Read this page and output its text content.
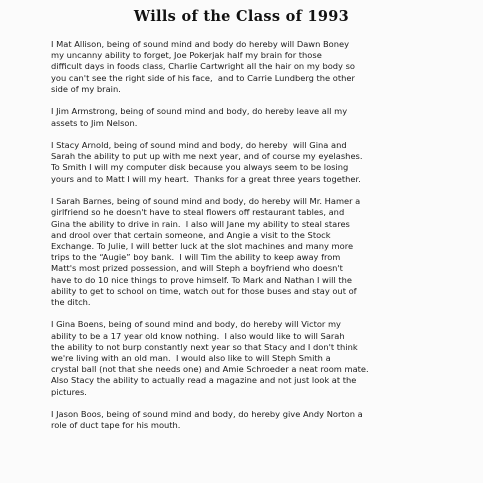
Wills of the Class of 1993

I Mat Allison, being of sound mind and body do hereby will Dawn Boney
my uncanny ability to forget, Joe Pokerjak half my brain for those
difficult days in foods class, Charlie Cartwright all the hair on my body so
you can't see the right side of his face,  and to Carrie Lundberg the other
side of my brain.

I Jim Armstrong, being of sound mind and body, do hereby leave all my
assets to Jim Nelson.

I Stacy Arnold, being of sound mind and body, do hereby  will Gina and
Sarah the ability to put up with me next year, and of course my eyelashes.
To Smith I will my computer disk because you always seem to be losing
yours and to Matt I will my heart.  Thanks for a great three years together.

I Sarah Barnes, being of sound mind and body, do hereby will Mr. Hamer a
girlfriend so he doesn't have to steal flowers off restaurant tables, and
Gina the ability to drive in rain.  I also will Jane my ability to steal stares
and drool over that certain someone, and Angie a visit to the Stock
Exchange. To Julie, I will better luck at the slot machines and many more
trips to the “Augie” boy bank.  I will Tim the ability to keep away from
Matt's most prized possession, and will Steph a boyfriend who doesn't
have to do 10 nice things to prove himself. To Mark and Nathan I will the
ability to get to school on time, watch out for those buses and stay out of
the ditch.

I Gina Boens, being of sound mind and body, do hereby will Victor my
ability to be a 17 year old know nothing.  I also would like to will Sarah
the ability to not burp constantly next year so that Stacy and I don't think
we're living with an old man.  I would also like to will Steph Smith a
crystal ball (not that she needs one) and Amie Schroeder a neat room mate.
Also Stacy the ability to actually read a magazine and not just look at the
pictures.

I Jason Boos, being of sound mind and body, do hereby give Andy Norton a
role of duct tape for his mouth.
